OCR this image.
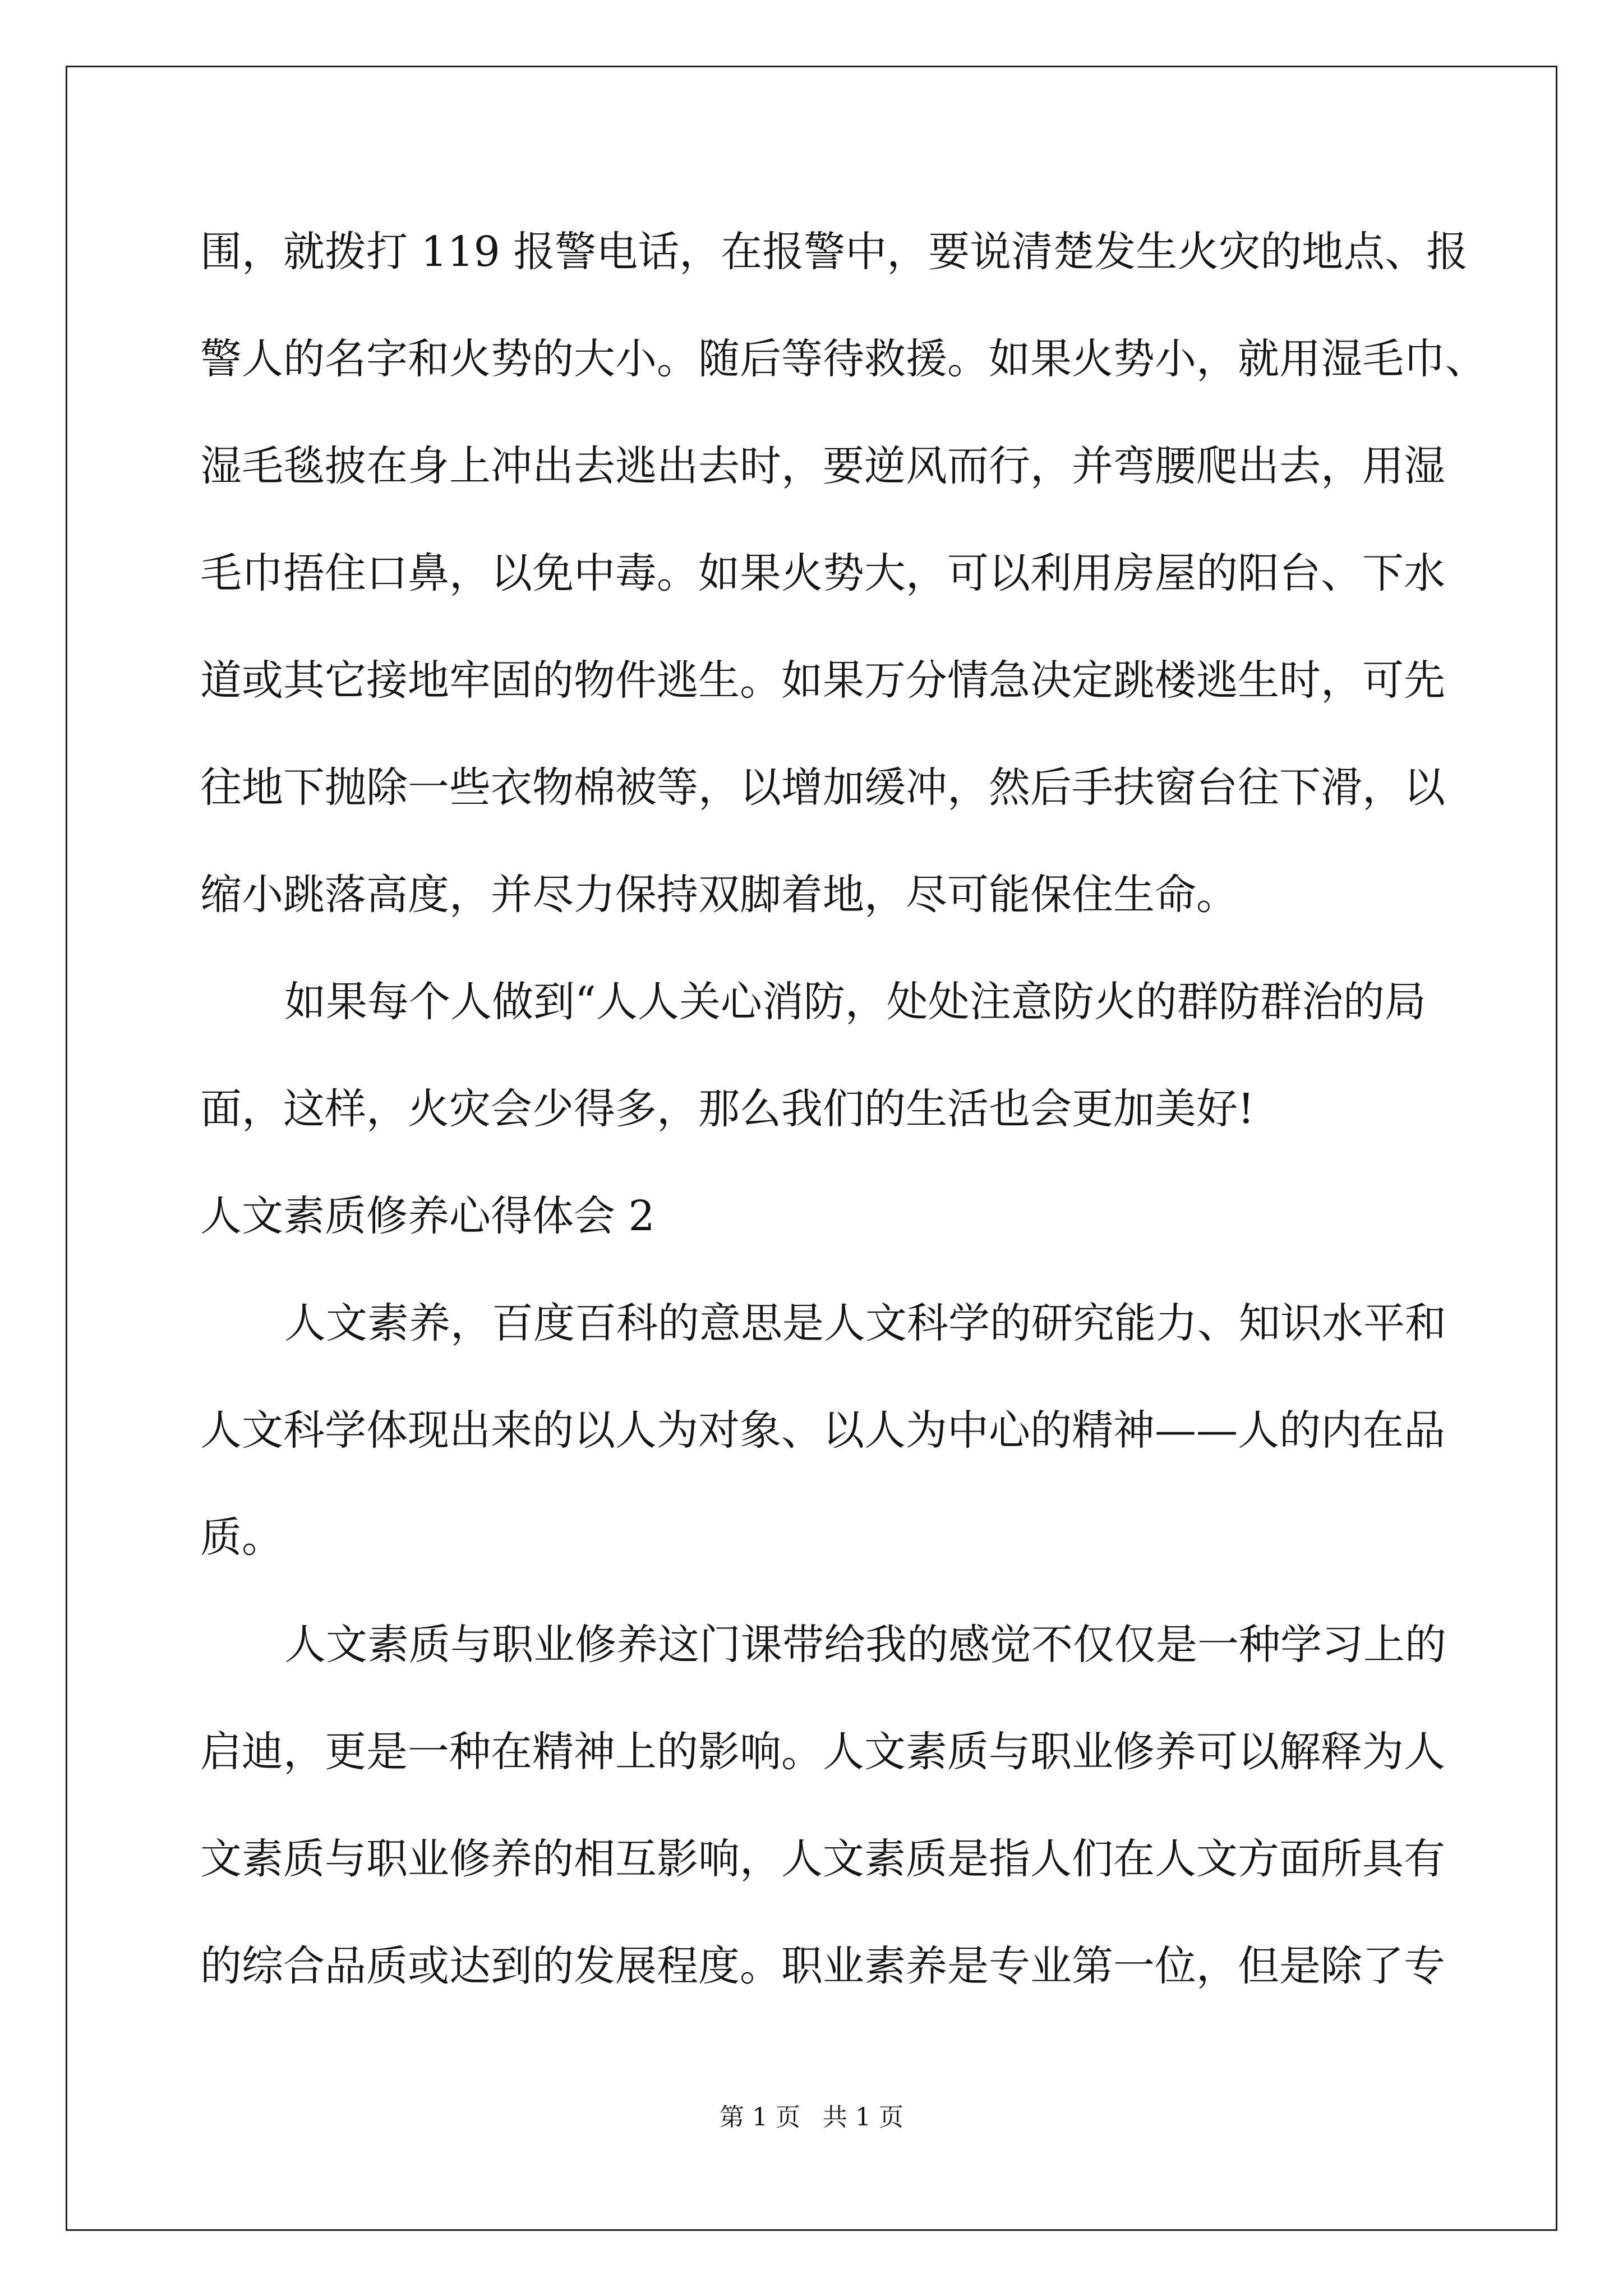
围，就拨打 119 报警电话，在报警中，要说清楚发生火灾的地点、报
警人的名字和火势的大小。随后等待救援。如果火势小，就用湿毛巾、
湿毛毯披在身上冲出去逃出去时，要逆风而行，并弯腰爬出去，用湿
毛巾捂住口鼻，以免中毒。如果火势大，可以利用房屋的阳台、下水
道或其它接地牢固的物件逃生。如果万分情急决定跳楼逃生时，可先
往地下抛除一些衣物棉被等，以增加缓冲，然后手扶窗台往下滑，以
缩小跳落高度，并尽力保持双脚着地，尽可能保住生命。
如果每个人做到“人人关心消防，处处注意防火的群防群治的局
面，这样，火灾会少得多，那么我们的生活也会更加美好!
人文素质修养心得体会 2
人文素养，百度百科的意思是人文科学的研究能力、知识水平和
人文科学体现出来的以人为对象、以人为中心的精神——人的内在品
质。
人文素质与职业修养这门课带给我的感觉不仅仅是一种学习上的
启迪，更是一种在精神上的影响。人文素质与职业修养可以解释为人
文素质与职业修养的相互影响，人文素质是指人们在人文方面所具有
的综合品质或达到的发展程度。职业素养是专业第一位，但是除了专
第 1 页 共 1 页
